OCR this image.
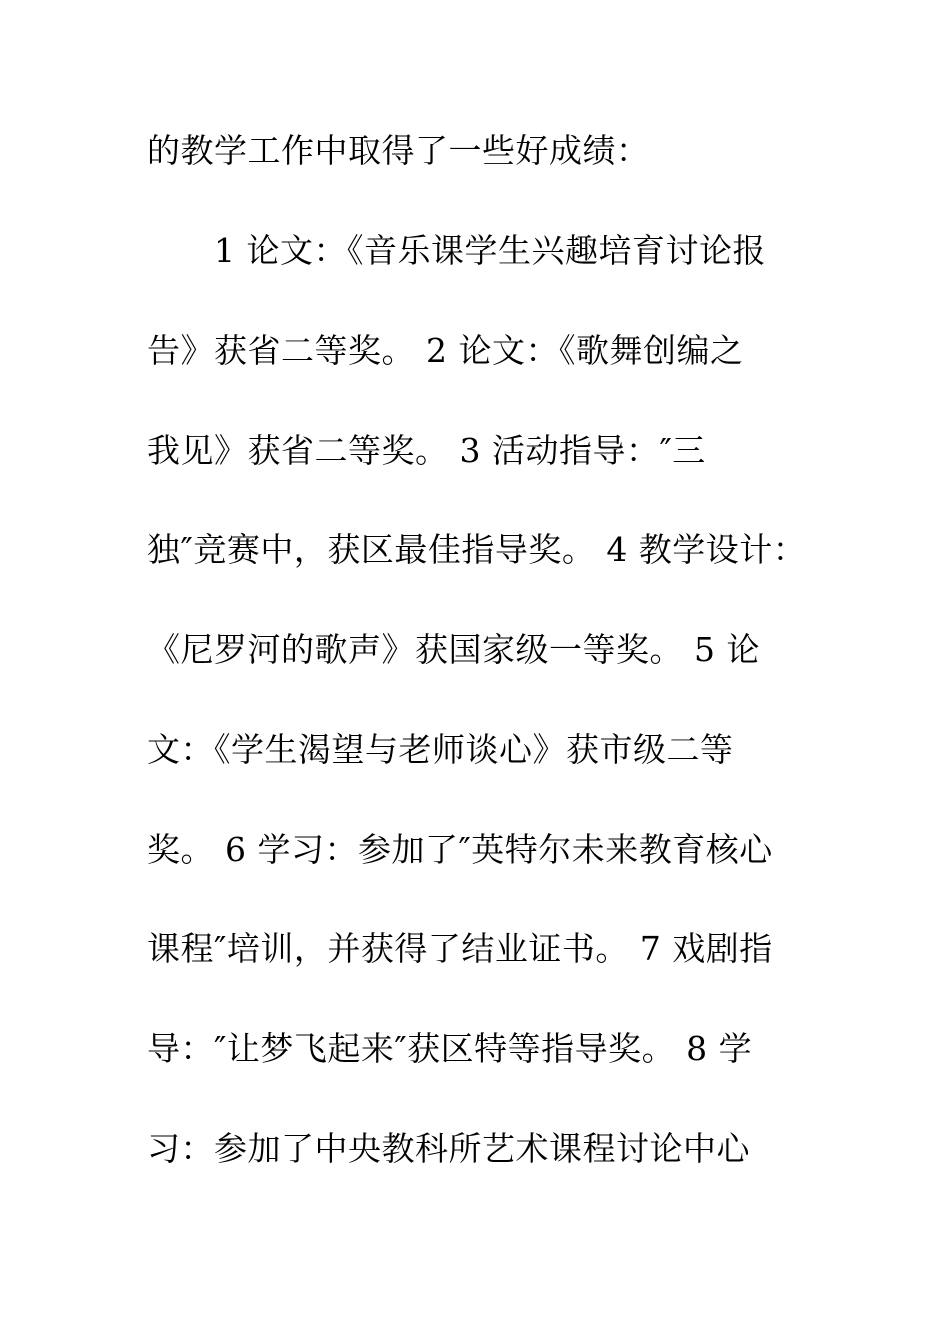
的教学工作中取得了一些好成绩：
1 论文：《音乐课学生兴趣培育讨论报
告》获省二等奖。 2 论文：《歌舞创编之
我见》获省二等奖。 3 活动指导：″三
独″竞赛中，获区最佳指导奖。 4 教学设计：
《尼罗河的歌声》获国家级一等奖。 5 论
文：《学生渴望与老师谈心》获市级二等
奖。 6 学习：参加了″英特尔未来教育核心
课程″培训，并获得了结业证书。 7 戏剧指
导：″让梦飞起来″获区特等指导奖。 8 学
习：参加了中央教科所艺术课程讨论中心
